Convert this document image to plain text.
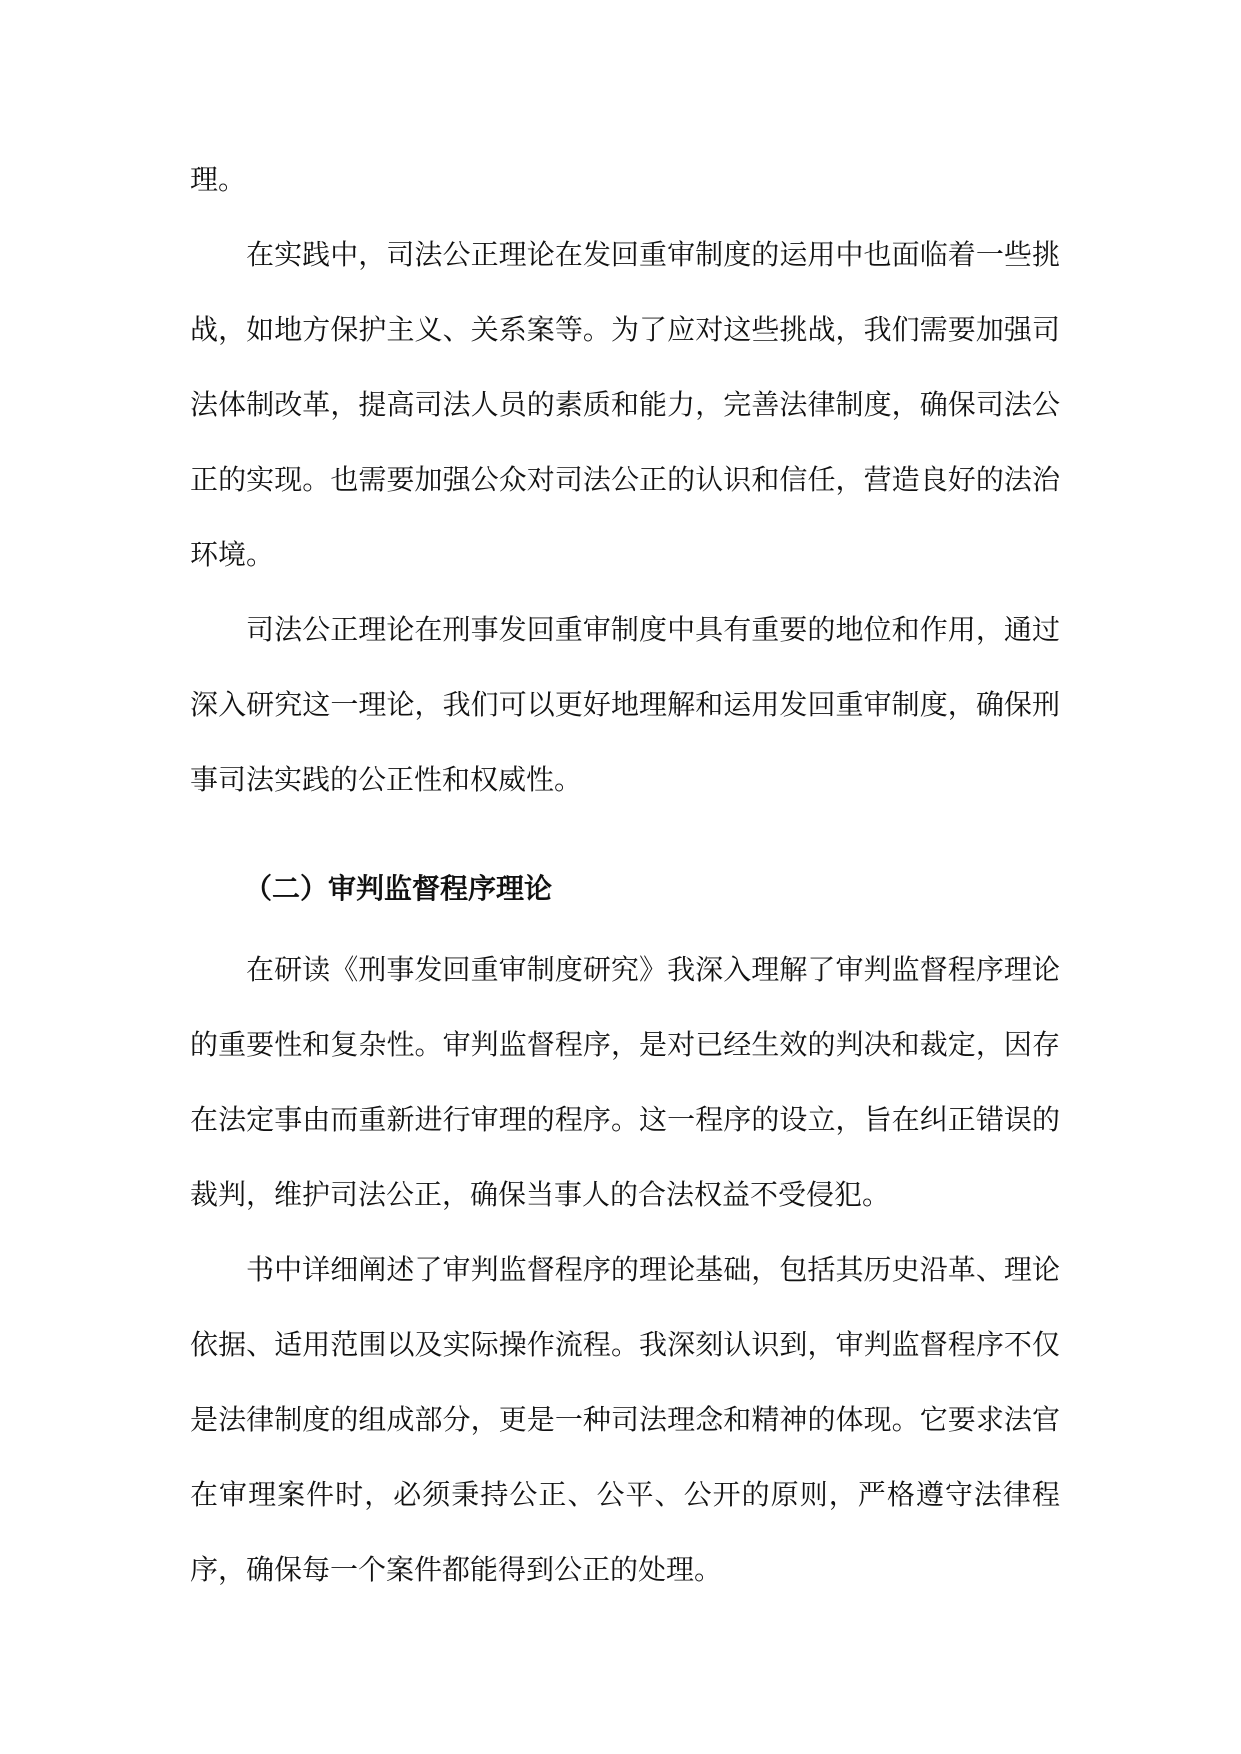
理。

在实践中，司法公正理论在发回重审制度的运用中也面临着一些挑战，如地方保护主义、关系案等。为了应对这些挑战，我们需要加强司法体制改革，提高司法人员的素质和能力，完善法律制度，确保司法公正的实现。也需要加强公众对司法公正的认识和信任，营造良好的法治环境。

司法公正理论在刑事发回重审制度中具有重要的地位和作用，通过深入研究这一理论，我们可以更好地理解和运用发回重审制度，确保刑事司法实践的公正性和权威性。

（二）审判监督程序理论

在研读《刑事发回重审制度研究》我深入理解了审判监督程序理论的重要性和复杂性。审判监督程序，是对已经生效的判决和裁定，因存在法定事由而重新进行审理的程序。这一程序的设立，旨在纠正错误的裁判，维护司法公正，确保当事人的合法权益不受侵犯。

书中详细阐述了审判监督程序的理论基础，包括其历史沿革、理论依据、适用范围以及实际操作流程。我深刻认识到，审判监督程序不仅是法律制度的组成部分，更是一种司法理念和精神的体现。它要求法官在审理案件时，必须秉持公正、公平、公开的原则，严格遵守法律程序，确保每一个案件都能得到公正的处理。
